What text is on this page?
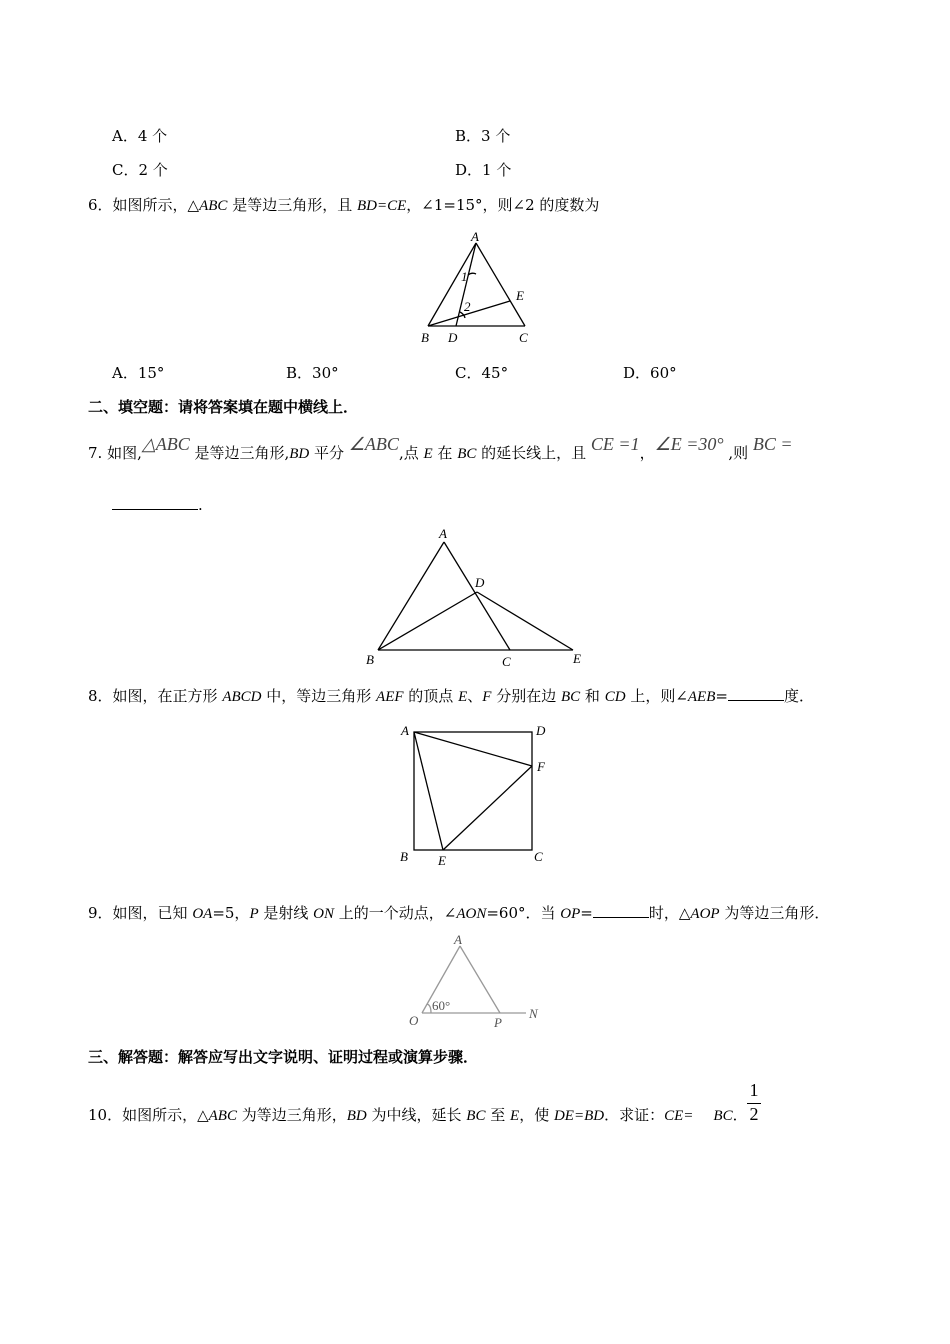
A．4 个	B．3 个
C．2 个	D．1 个
6．如图所示，△ABC 是等边三角形，且 BD=CE，∠1=15°，则∠2 的度数为
A
B	C
D
E
1
2
A．15°	B．30°	C．45°	D．60°
二、填空题：请将答案填在题中横线上．
7. 如图,△ABC 是等边三角形,BD 平分 ∠ABC,点 E 在 BC 的延长线上，且 CE =1，∠E =30° ,则 BC =
.
A
B	C
D
E
8．如图，在正方形 ABCD 中，等边三角形 AEF 的顶点 E、F 分别在边 BC 和 CD 上，则∠AEB=	度．
A
B	C
D
E
F
9．如图，已知 OA=5，P 是射线 ON 上的一个动点，∠AON=60°．当 OP=	时，△AOP 为等边三角形．
A
O	P
N
60°
三、解答题：解答应写出文字说明、证明过程或演算步骤．
10．如图所示，△ABC 为等边三角形，BD 为中线，延长 BC 至 E，使 DE=BD．求证：CE= BC．
1
2
